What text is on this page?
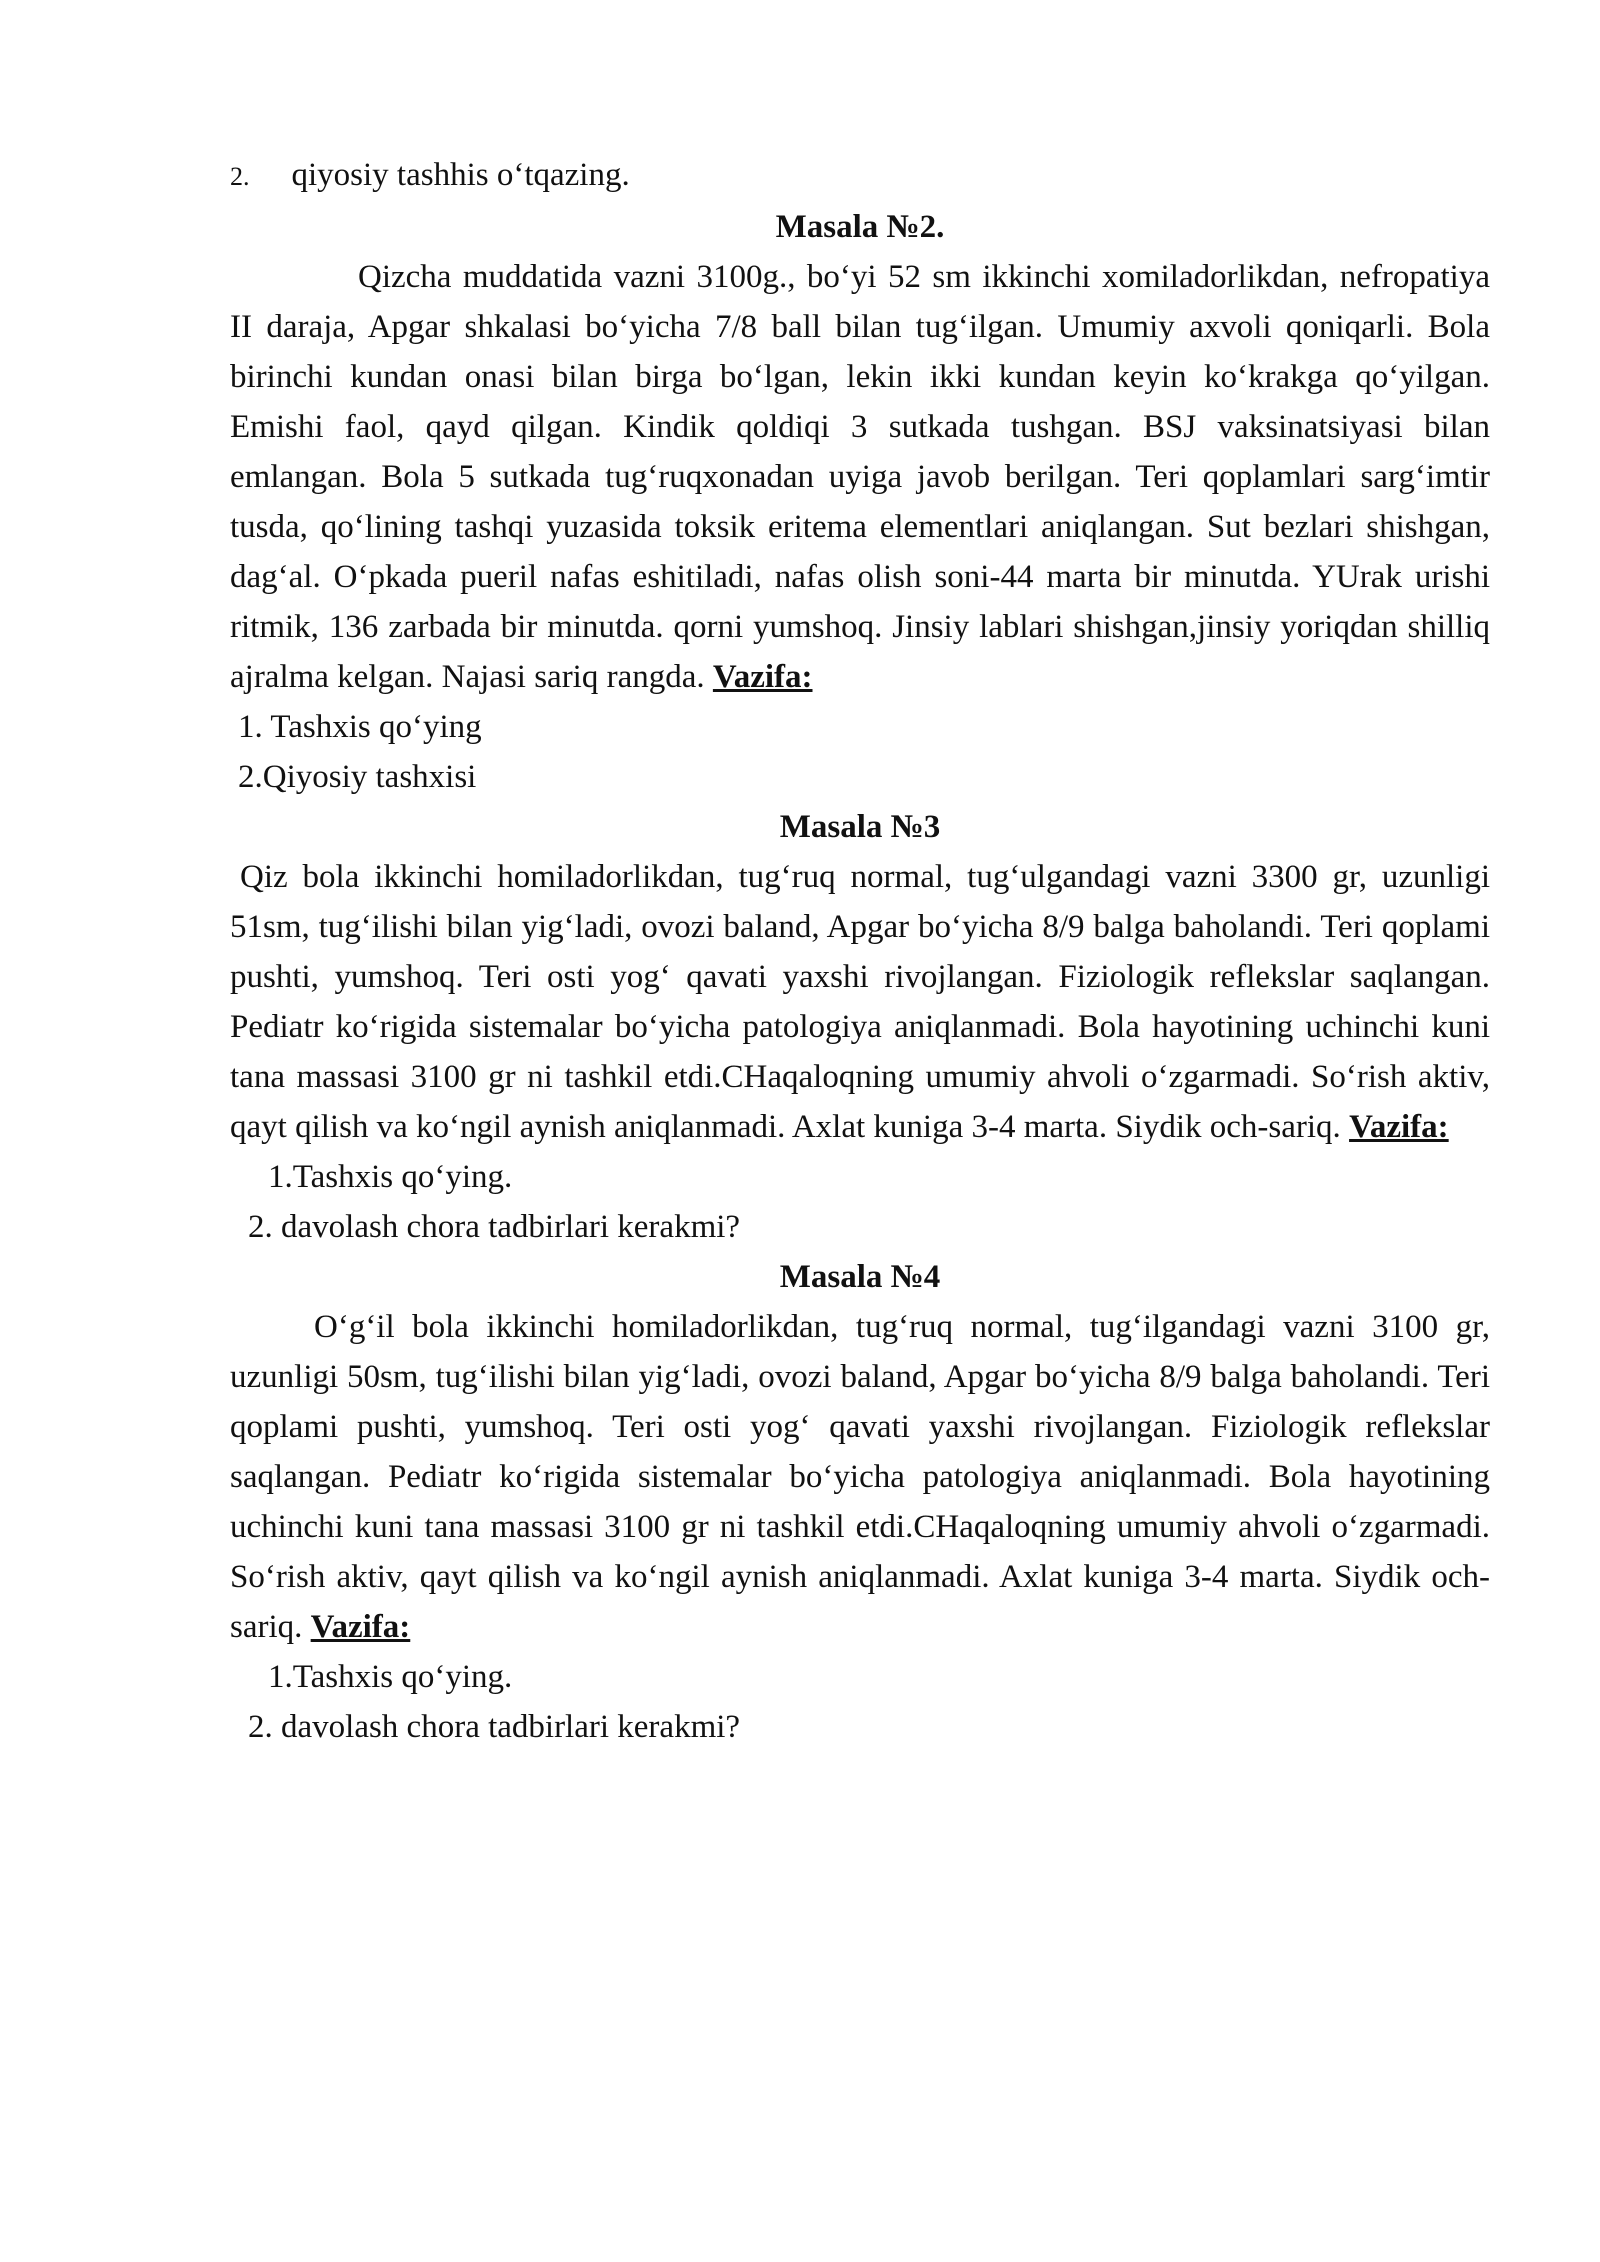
2. qiyosiy tashhis o‘tqazing.

Masala №2.

Qizcha muddatida vazni 3100g., bo‘yi 52 sm ikkinchi xomiladorlikdan, nefropatiya II daraja, Apgar shkalasi bo‘yicha 7/8 ball bilan tug‘ilgan. Umumiy axvoli qoniqarli. Bola birinchi kundan onasi bilan birga bo‘lgan, lekin ikki kundan keyin ko‘krakga qo‘yilgan. Emishi faol, qayd qilgan. Kindik qoldiqi 3 sutkada tushgan. BSJ vaksinatsiyasi bilan emlangan. Bola 5 sutkada tug‘ruqxonadan uyiga javob berilgan. Teri qoplamlari sarg‘imtir tusda, qo‘lining tashqi yuzasida toksik eritema elementlari aniqlangan. Sut bezlari shishgan, dag‘al. O‘pkada pueril nafas eshitiladi, nafas olish soni-44 marta bir minutda. YUrak urishi ritmik, 136 zarbada bir minutda. qorni yumshoq. Jinsiy lablari shishgan,jinsiy yoriqdan shilliq ajralma kelgan. Najasi sariq rangda. Vazifa:

1. Tashxis qo‘ying

2.Qiyosiy tashxisi

Masala №3

Qiz bola ikkinchi homiladorlikdan, tug‘ruq normal, tug‘ulgandagi vazni 3300 gr, uzunligi 51sm, tug‘ilishi bilan yig‘ladi, ovozi baland, Apgar bo‘yicha 8/9 balga baholandi. Teri qoplami pushti, yumshoq. Teri osti yog‘ qavati yaxshi rivojlangan. Fiziologik reflekslar saqlangan. Pediatr ko‘rigida sistemalar bo‘yicha patologiya aniqlanmadi. Bola hayotining uchinchi kuni tana massasi 3100 gr ni tashkil etdi.CHaqaloqning umumiy ahvoli o‘zgarmadi. So‘rish aktiv, qayt qilish va ko‘ngil aynish aniqlanmadi. Axlat kuniga 3-4 marta. Siydik och-sariq. Vazifa:

1.Tashxis qo‘ying.

2. davolash chora tadbirlari kerakmi?

Masala №4

O‘g‘il bola ikkinchi homiladorlikdan, tug‘ruq normal, tug‘ilgandagi vazni 3100 gr, uzunligi 50sm, tug‘ilishi bilan yig‘ladi, ovozi baland, Apgar bo‘yicha 8/9 balga baholandi. Teri qoplami pushti, yumshoq. Teri osti yog‘ qavati yaxshi rivojlangan. Fiziologik reflekslar saqlangan. Pediatr ko‘rigida sistemalar bo‘yicha patologiya aniqlanmadi. Bola hayotining uchinchi kuni tana massasi 3100 gr ni tashkil etdi.CHaqaloqning umumiy ahvoli o‘zgarmadi. So‘rish aktiv, qayt qilish va ko‘ngil aynish aniqlanmadi. Axlat kuniga 3-4 marta. Siydik och-sariq. Vazifa:

1.Tashxis qo‘ying.

2. davolash chora tadbirlari kerakmi?
